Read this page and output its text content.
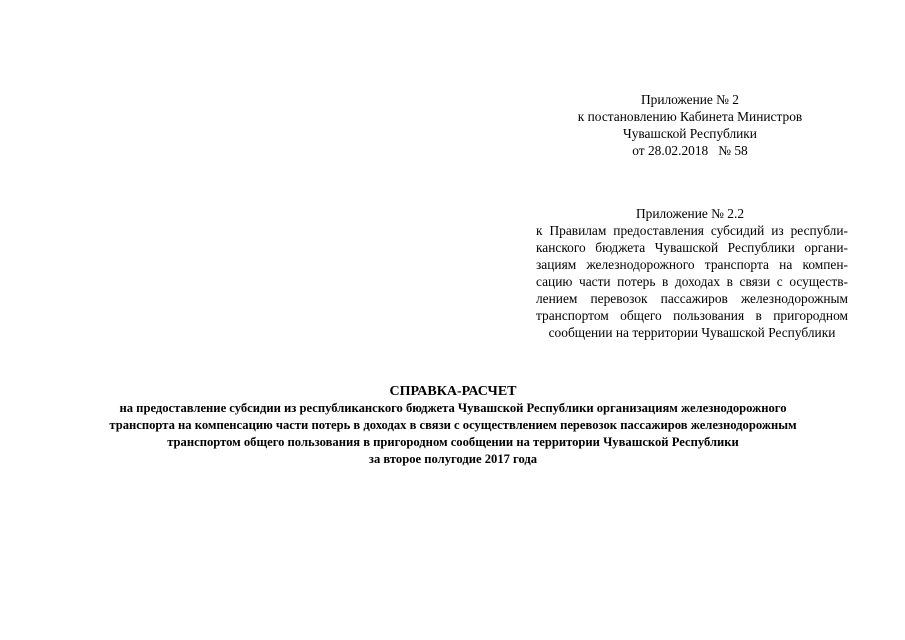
Приложение № 2
к постановлению Кабинета Министров
Чувашской Республики
от 28.02.2018 № 58
Приложение № 2.2
к Правилам предоставления субсидий из республи-
канского бюджета Чувашской Республики органи-
зациям железнодорожного транспорта на компен-
сацию части потерь в доходах в связи с осуществ-
лением перевозок пассажиров железнодорожным
транспортом общего пользования в пригородном
сообщении на территории Чувашской Республики
СПРАВКА-РАСЧЕТ
на предоставление субсидии из республиканского бюджета Чувашской Республики организациям железнодорожного
транспорта на компенсацию части потерь в доходах в связи с осуществлением перевозок пассажиров железнодорожным
транспортом общего пользования в пригородном сообщении на территории Чувашской Республики
за второе полугодие 2017 года
